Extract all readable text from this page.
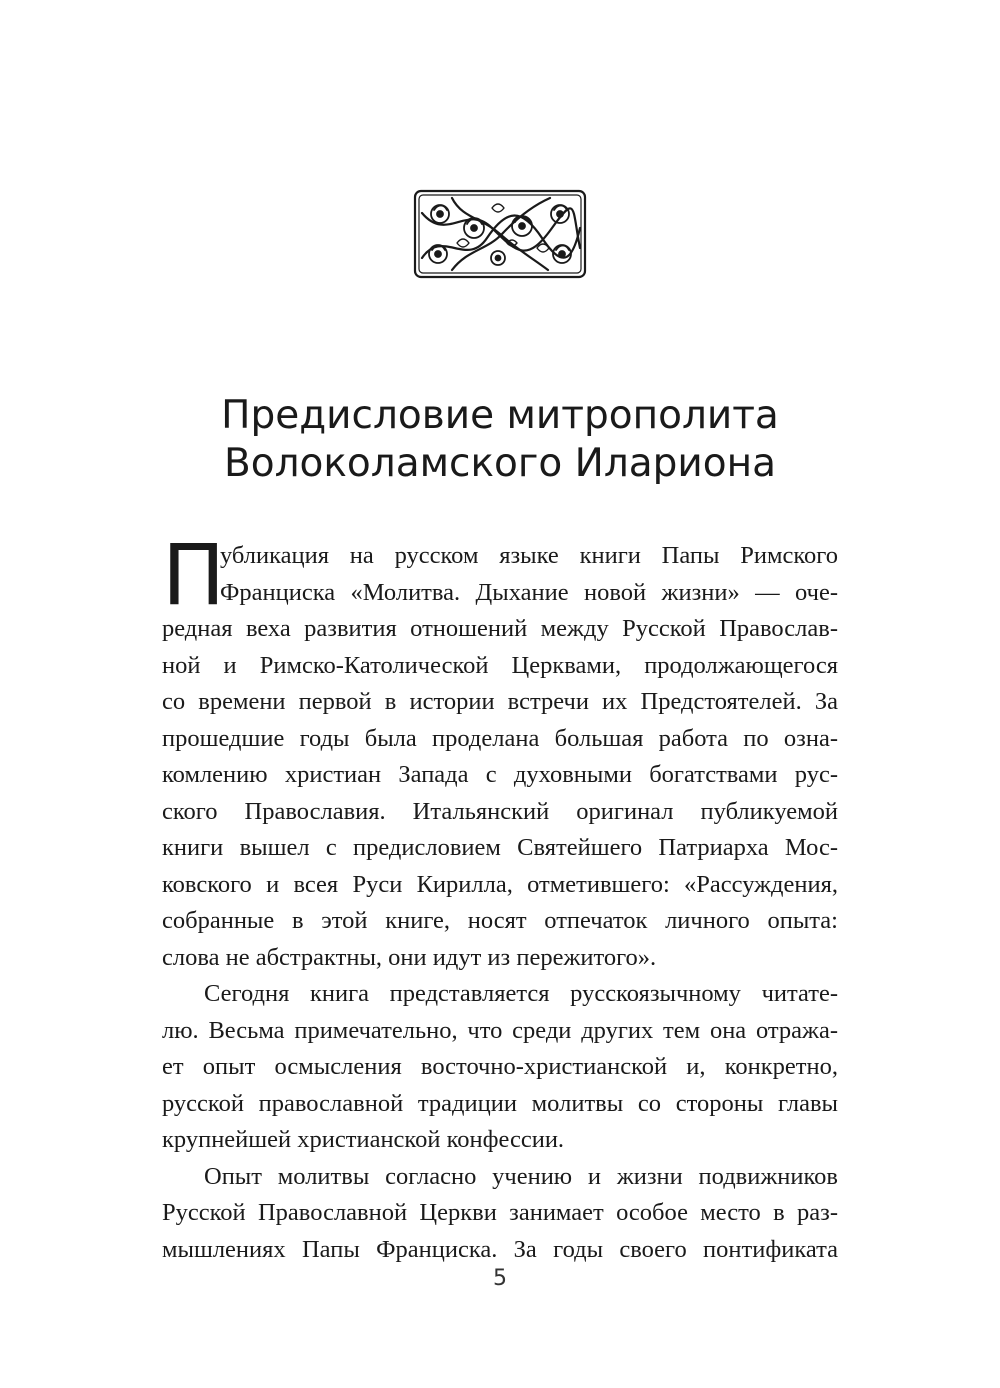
Предисловие митрополита
Волоколамского Илариона
П
убликация на русском языке книги Папы Римского
Франциска «Молитва. Дыхание новой жизни» — оче-
редная веха развития отношений между Русской Православ-
ной и Римско-Католической Церквами, продолжающегося
со времени первой в истории встречи их Предстоятелей. За
прошедшие годы была проделана большая работа по озна-
комлению христиан Запада с духовными богатствами рус-
ского Православия. Итальянский оригинал публикуемой
книги вышел с предисловием Святейшего Патриарха Мос-
ковского и всея Руси Кирилла, отметившего: «Рассуждения,
собранные в этой книге, носят отпечаток личного опыта:
слова не абстрактны, они идут из пережитого».
Сегодня книга представляется русскоязычному читате-
лю. Весьма примечательно, что среди других тем она отража-
ет опыт осмысления восточно-христианской и, конкретно,
русской православной традиции молитвы со стороны главы
крупнейшей христианской конфессии.
Опыт молитвы согласно учению и жизни подвижников
Русской Православной Церкви занимает особое место в раз-
мышлениях Папы Франциска. За годы своего понтификата
5
